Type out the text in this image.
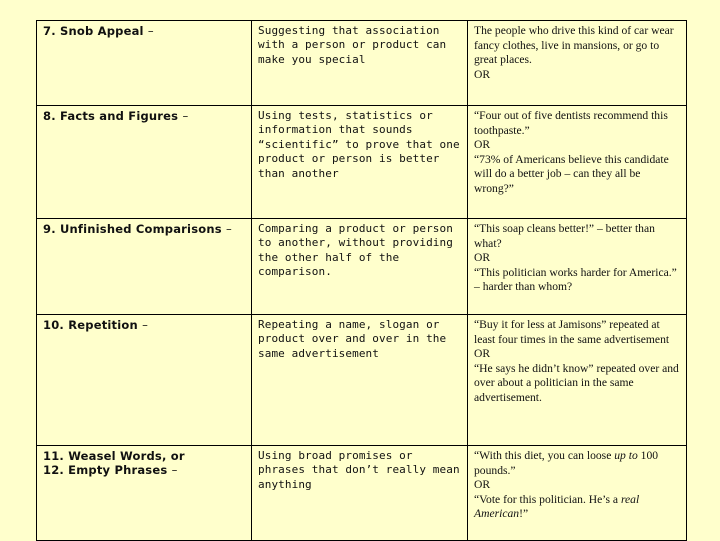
7. Snob Appeal –	Suggesting that association with a person or product can make you special	The people who drive this kind of car wear fancy clothes, live in mansions, or go to great places.
OR

8. Facts and Figures –	Using tests, statistics or information that sounds “scientific” to prove that one product or person is better than another	“Four out of five dentists recommend this toothpaste.”
OR
“73% of Americans believe this candidate will do a better job – can they all be wrong?”

9. Unfinished Comparisons –	Comparing a product or person to another, without providing the other half of the comparison.	“This soap cleans better!” – better than what?
OR
“This politician works harder for America.” – harder than whom?

10. Repetition –	Repeating a name, slogan or product over and over in the same advertisement	“Buy it for less at Jamisons” repeated at least four times in the same advertisement
OR
“He says he didn’t know” repeated over and over about a politician in the same advertisement.

11. Weasel Words, or
12. Empty Phrases –	Using broad promises or phrases that don’t really mean anything	“With this diet, you can loose up to 100 pounds.”
OR
“Vote for this politician. He’s a real American!”
